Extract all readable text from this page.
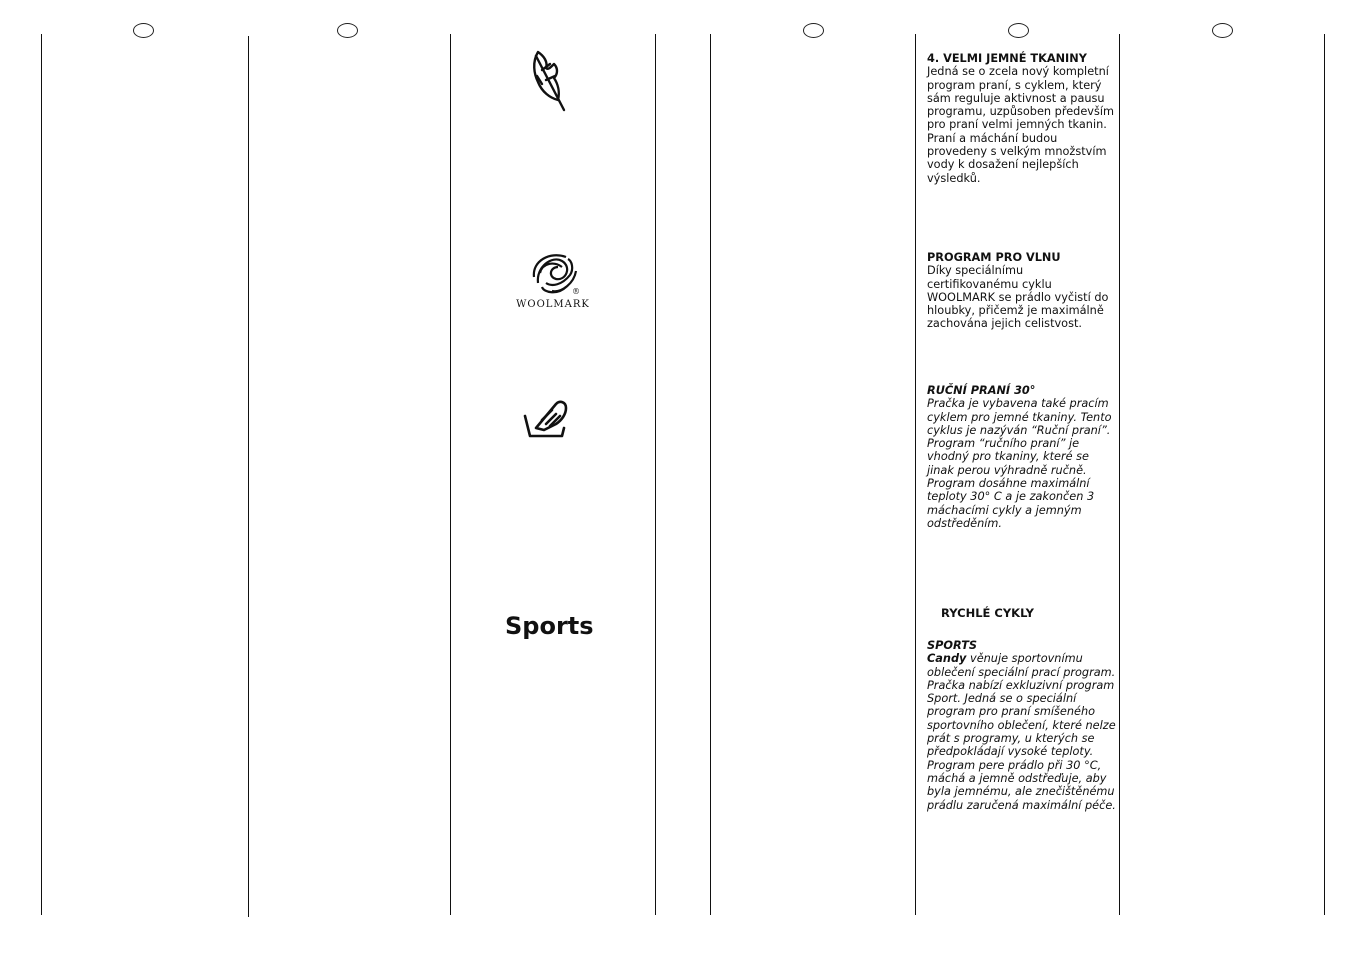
®
WOOLMARK
Sports

4. VELMI JEMNÉ TKANINY

Jedná se o zcela nový kompletní program praní, s cyklem, který sám reguluje aktivnost a pausu programu, uzpůsoben především pro praní velmi jemných tkanin. Praní a máchání budou provedeny s velkým množstvím vody k dosažení nejlepších výsledků.

PROGRAM PRO VLNU

Díky speciálnímu certifikovanému cyklu WOOLMARK se prádlo vyčistí do hloubky, přičemž je maximálně zachována jejich celistvost.

RUČNÍ PRANÍ 30°

Pračka je vybavena také pracím cyklem pro jemné tkaniny. Tento cyklus je nazýván “Ruční praní”. Program “ručního praní” je vhodný pro tkaniny, které se jinak perou výhradně ručně. Program dosáhne maximální teploty 30° C a je zakončen 3 máchacími cykly a jemným odstředěním.

SPORTS

Candy věnuje sportovnímu oblečení speciální prací program.

Pračka nabízí exkluzivní program Sport. Jedná se o speciální program pro praní smíšeného sportovního oblečení, které nelze prát s programy, u kterých se předpokládají vysoké teploty. Program pere prádlo při 30 °C, máchá a jemně odstřeďuje, aby byla jemnému, ale znečištěnému prádlu zaručená maximální péče.

RYCHLÉ CYKLY
